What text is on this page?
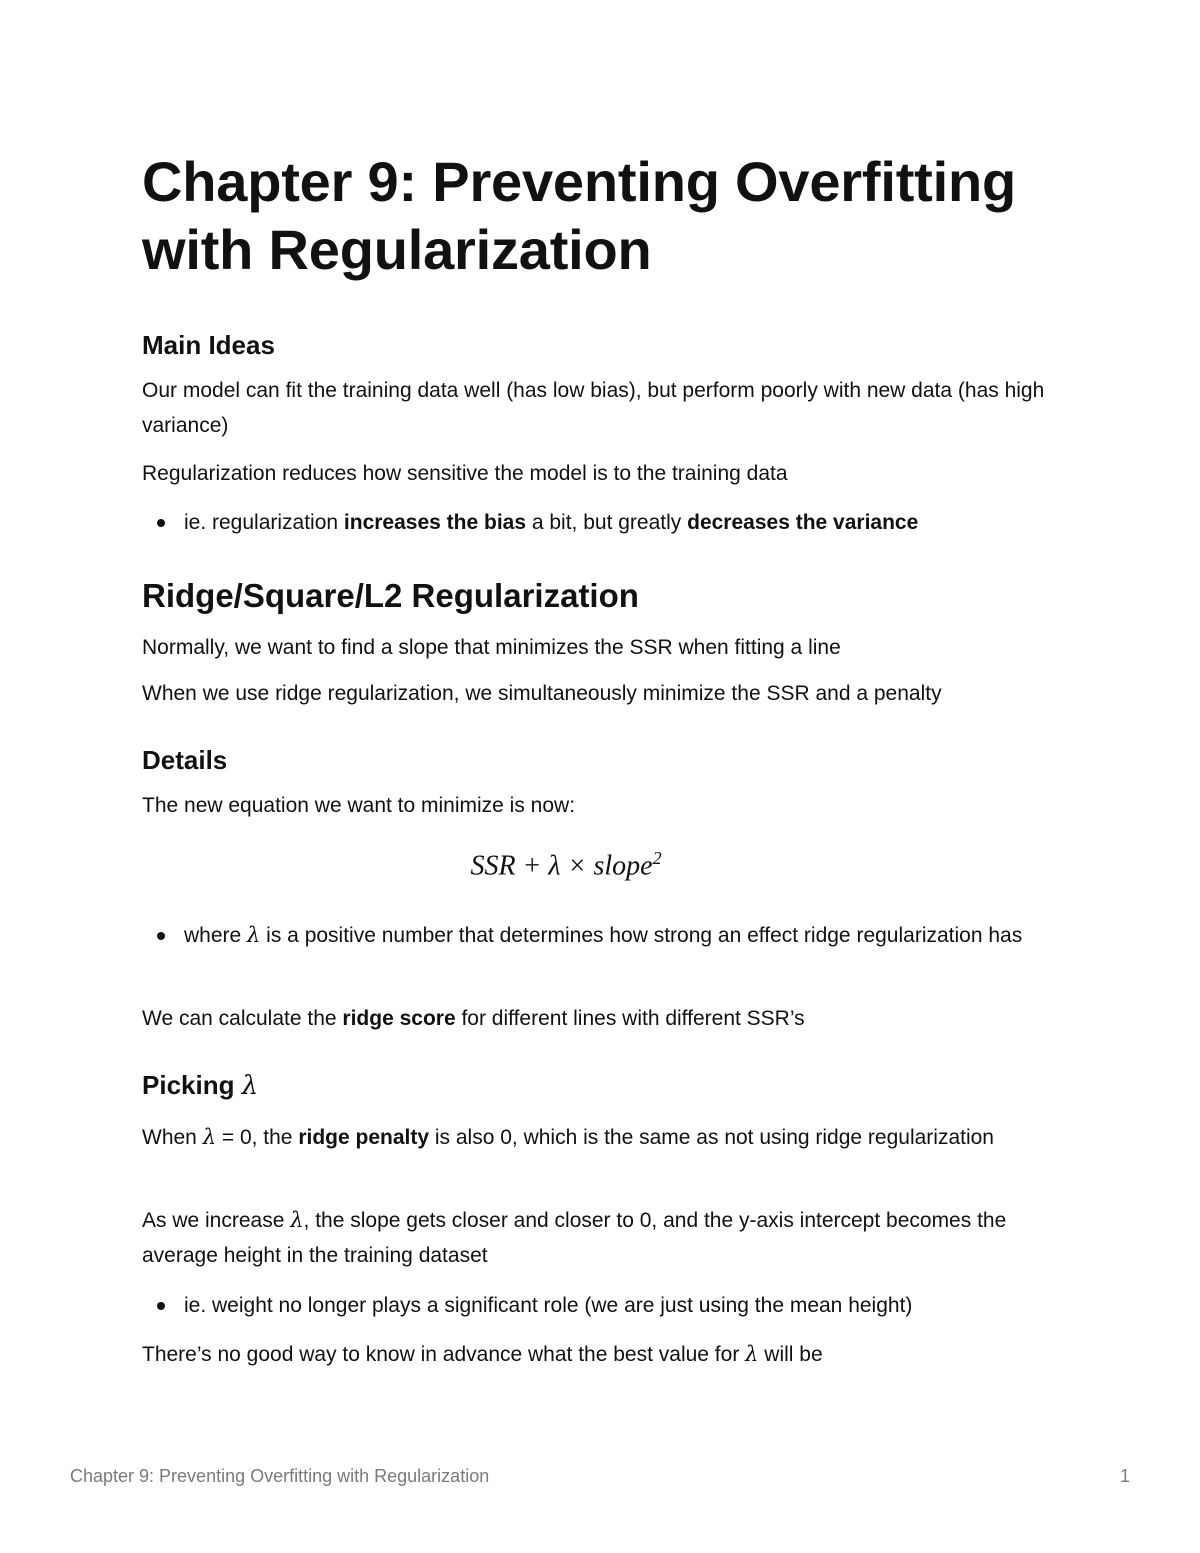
Chapter 9: Preventing Overfitting with Regularization
Main Ideas

Our model can fit the training data well (has low bias), but perform poorly with new data (has high variance)

Regularization reduces how sensitive the model is to the training data

ie. regularization increases the bias a bit, but greatly decreases the variance
Ridge/Square/L2 Regularization

Normally, we want to find a slope that minimizes the SSR when fitting a line

When we use ridge regularization, we simultaneously minimize the SSR and a penalty

Details

The new equation we want to minimize is now:

SSR + λ × slope$^2$
where λ is a positive number that determines how strong an effect ridge regularization has

We can calculate the ridge score for different lines with different SSR’s

Picking λ

When λ = 0, the ridge penalty is also 0, which is the same as not using ridge regularization

As we increase λ, the slope gets closer and closer to 0, and the y-axis intercept becomes the average height in the training dataset

ie. weight no longer plays a significant role (we are just using the mean height)

There’s no good way to know in advance what the best value for λ will be

Chapter 9: Preventing Overfitting with Regularization	1
